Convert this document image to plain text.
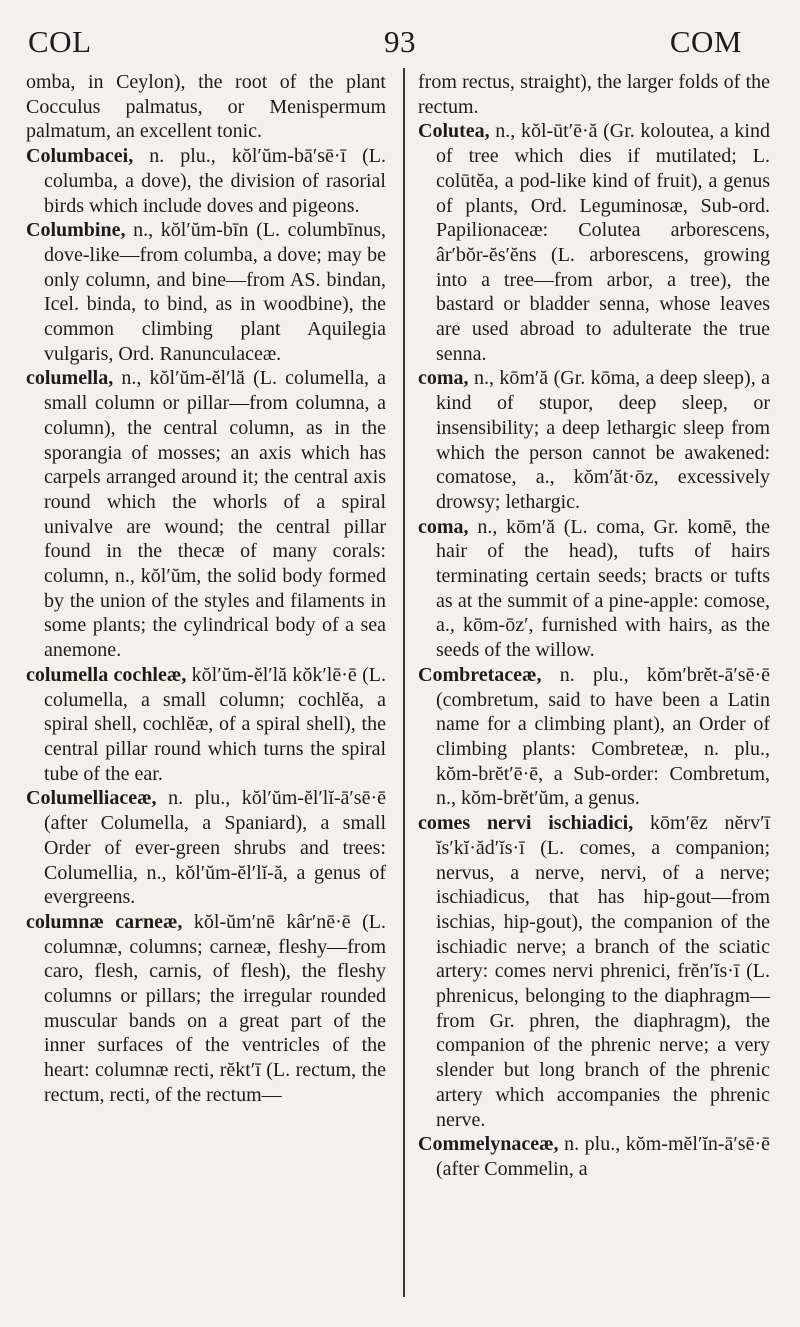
COL	93	COM

omba, in Ceylon), the root of the plant Cocculus palmatus, or Menispermum palmatum, an excellent tonic.

Columbacei, n. plu., kŏl′ŭm-bā′sē·ī (L. columba, a dove), the division of rasorial birds which include doves and pigeons.

Columbine, n., kŏl′ŭm-bīn (L. columbīnus, dove-like—from columba, a dove; may be only column, and bine—from AS. bindan, Icel. binda, to bind, as in woodbine), the common climbing plant Aquilegia vulgaris, Ord. Ranunculaceæ.

columella, n., kŏl′ŭm-ĕl′lă (L. columella, a small column or pillar—from columna, a column), the central column, as in the sporangia of mosses; an axis which has carpels arranged around it; the central axis round which the whorls of a spiral univalve are wound; the central pillar found in the thecæ of many corals: column, n., kŏl′ŭm, the solid body formed by the union of the styles and filaments in some plants; the cylindrical body of a sea anemone.

columella cochleæ, kŏl′ŭm-ĕl′lă kŏk′lē·ē (L. columella, a small column; cochlĕa, a spiral shell, cochlĕæ, of a spiral shell), the central pillar round which turns the spiral tube of the ear.

Columelliaceæ, n. plu., kŏl′ŭm-ĕl′lĭ-ā′sē·ē (after Columella, a Spaniard), a small Order of ever-green shrubs and trees: Columellia, n., kŏl′ŭm-ĕl′lĭ-ă, a genus of evergreens.

columnæ carneæ, kŏl-ŭm′nē kâr′nē·ē (L. columnæ, columns; carneæ, fleshy—from caro, flesh, carnis, of flesh), the fleshy columns or pillars; the irregular rounded muscular bands on a great part of the inner surfaces of the ventricles of the heart: columnæ recti, rĕkt′ī (L. rectum, the rectum, recti, of the rectum—

from rectus, straight), the larger folds of the rectum.

Colutea, n., kŏl-ūt′ē·ă (Gr. koloutea, a kind of tree which dies if mutilated; L. colūtĕa, a pod-like kind of fruit), a genus of plants, Ord. Leguminosæ, Sub-ord. Papilionaceæ: Colutea arborescens, âr′bŏr-ĕs′ĕns (L. arborescens, growing into a tree—from arbor, a tree), the bastard or bladder senna, whose leaves are used abroad to adulterate the true senna.

coma, n., kōm′ă (Gr. kōma, a deep sleep), a kind of stupor, deep sleep, or insensibility; a deep lethargic sleep from which the person cannot be awakened: comatose, a., kŏm′ăt·ōz, excessively drowsy; lethargic.

coma, n., kōm′ă (L. coma, Gr. komē, the hair of the head), tufts of hairs terminating certain seeds; bracts or tufts as at the summit of a pine-apple: comose, a., kōm-ōz′, furnished with hairs, as the seeds of the willow.

Combretaceæ, n. plu., kŏm′brĕt-ā′sē·ē (combretum, said to have been a Latin name for a climbing plant), an Order of climbing plants: Combreteæ, n. plu., kŏm-brĕt′ē·ē, a Sub-order: Combretum, n., kŏm-brĕt′ŭm, a genus.

comes nervi ischiadici, kōm′ēz nĕrv′ī ĭs′kĭ·ăd′ĭs·ī (L. comes, a companion; nervus, a nerve, nervi, of a nerve; ischiadicus, that has hip-gout—from ischias, hip-gout), the companion of the ischiadic nerve; a branch of the sciatic artery: comes nervi phrenici, frĕn′ĭs·ī (L. phrenicus, belonging to the diaphragm—from Gr. phren, the diaphragm), the companion of the phrenic nerve; a very slender but long branch of the phrenic artery which accompanies the phrenic nerve.

Commelynaceæ, n. plu., kŏm-mĕl′ĭn-ā′sē·ē (after Commelin, a
